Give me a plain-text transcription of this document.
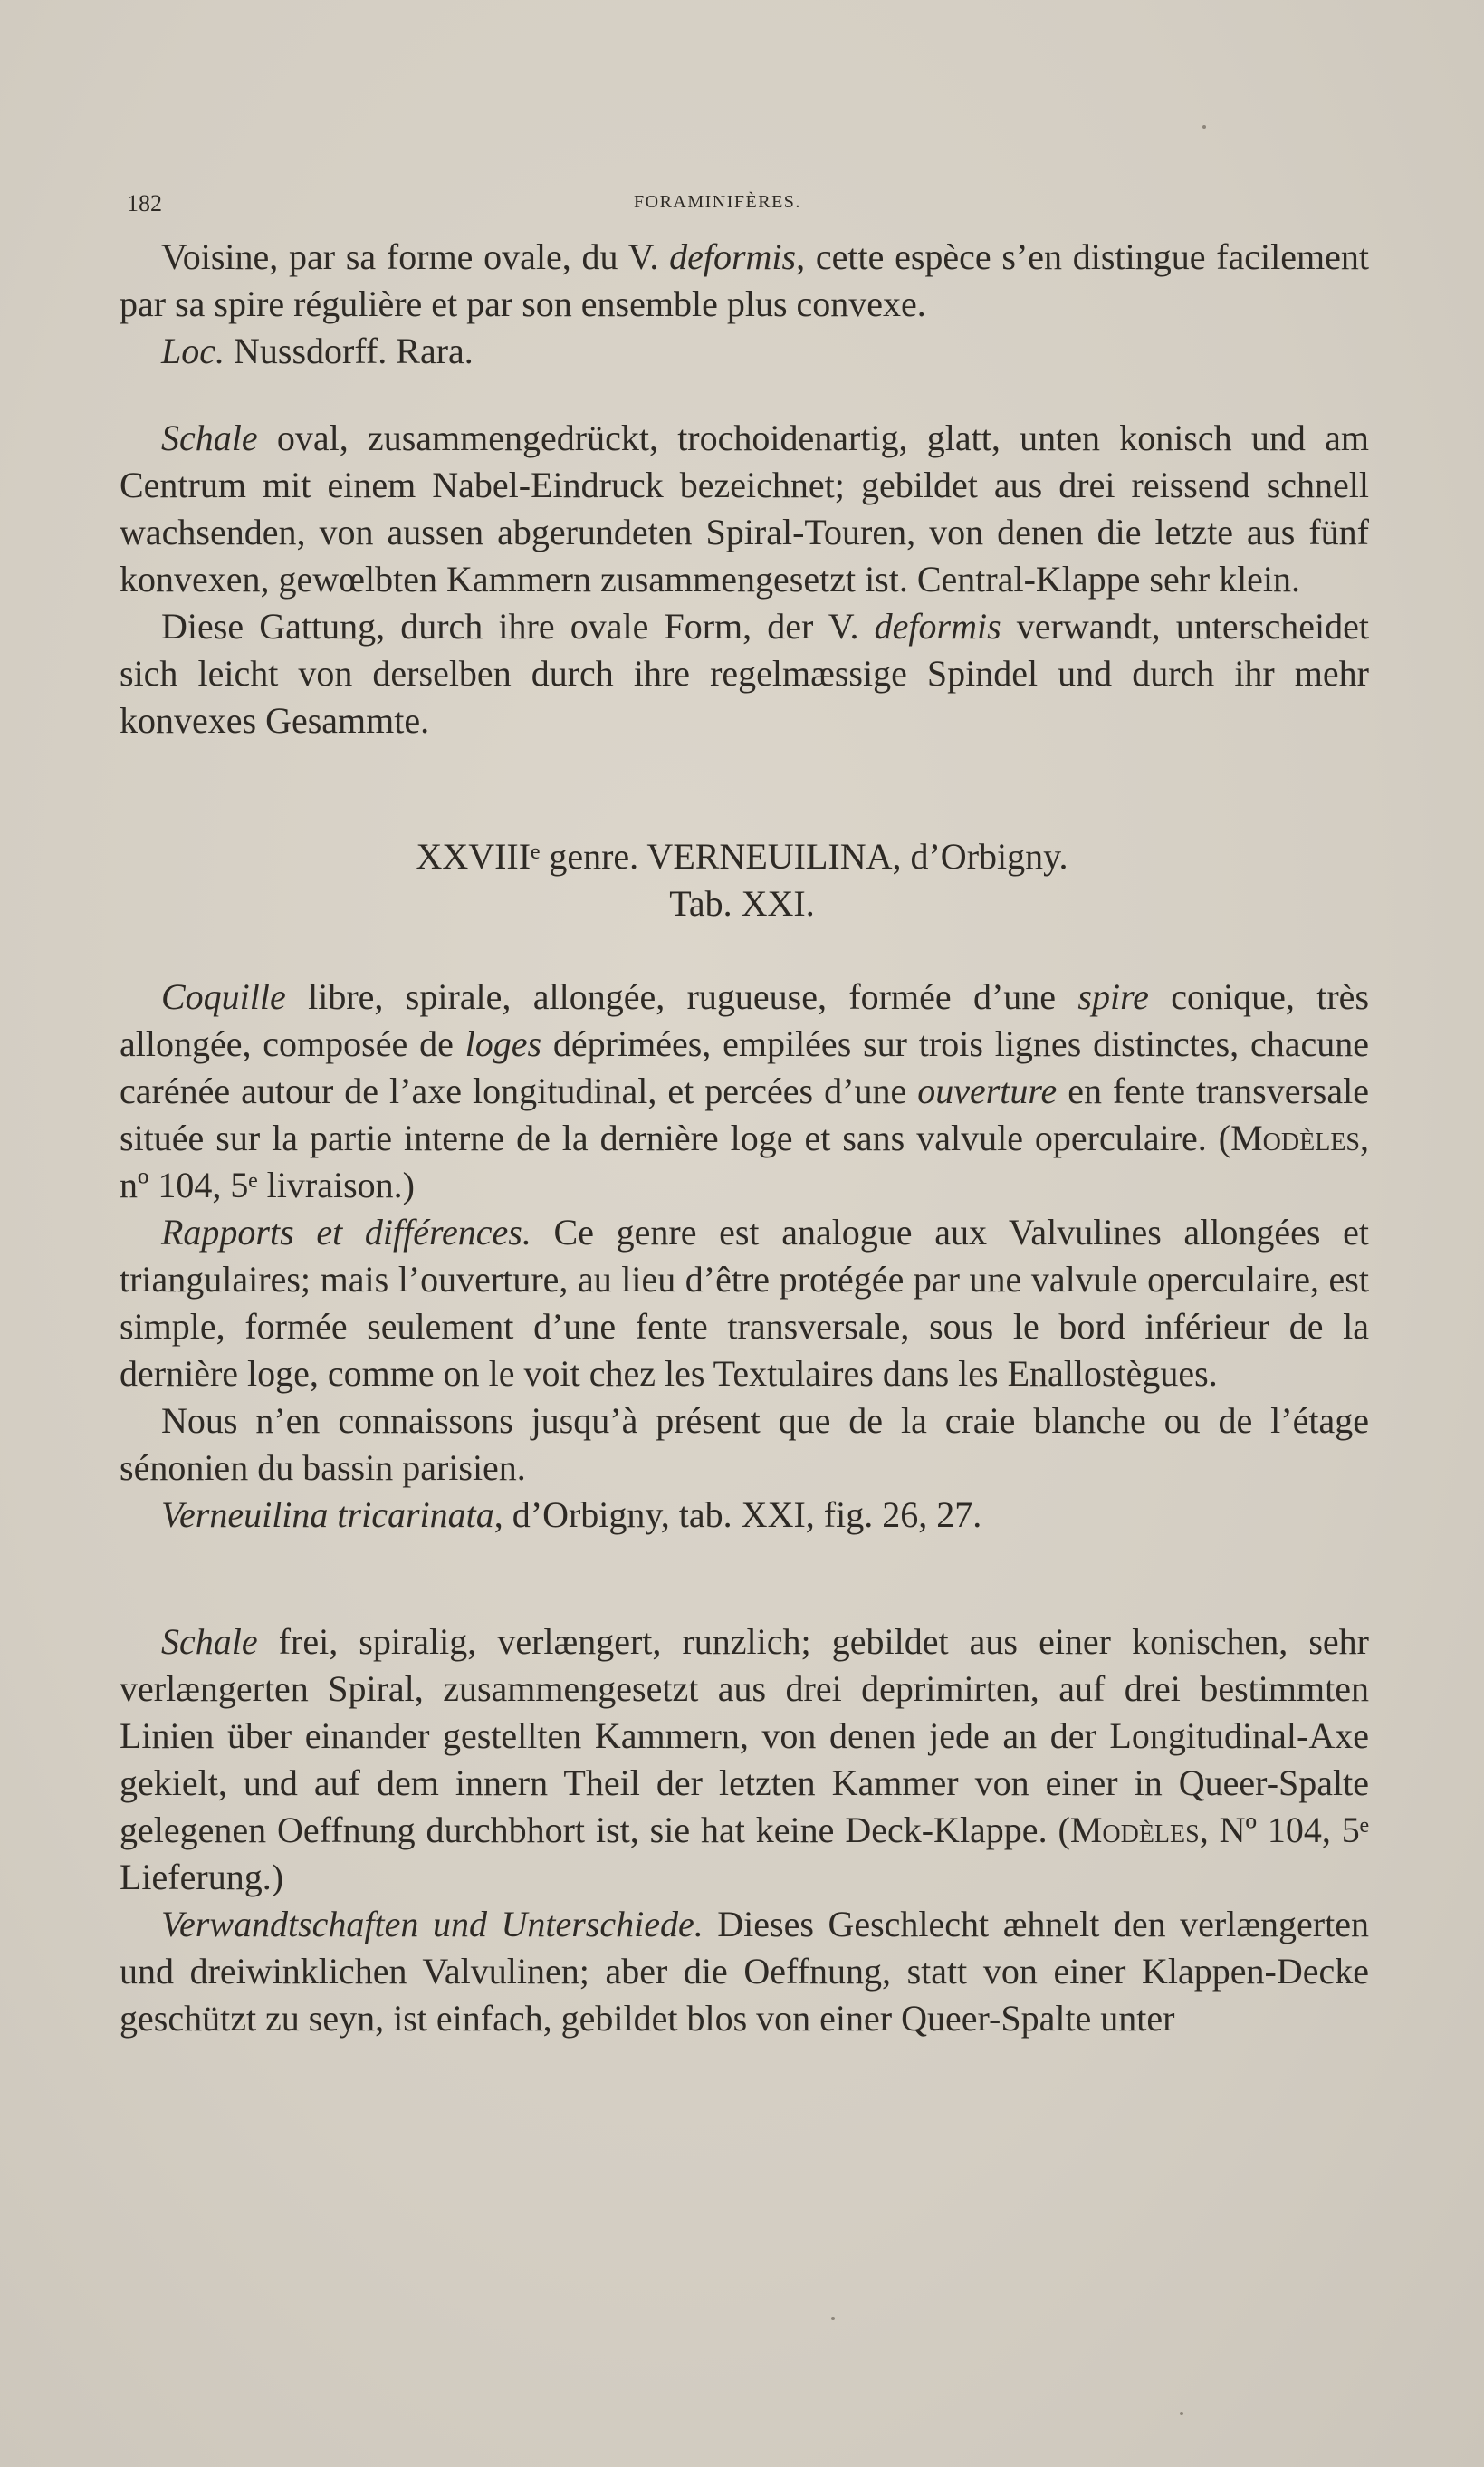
182	FORAMINIFÈRES.

Voisine, par sa forme ovale, du V. deformis, cette espèce s’en distingue facilement par sa spire régulière et par son ensemble plus convexe.

Loc. Nussdorff. Rara.

Schale oval, zusammengedrückt, trochoidenartig, glatt, unten konisch und am Centrum mit einem Nabel-Eindruck bezeichnet; gebildet aus drei reissend schnell wachsenden, von aussen abgerundeten Spiral-Touren, von denen die letzte aus fünf konvexen, gewœlbten Kammern zusammengesetzt ist. Central-Klappe sehr klein.

Diese Gattung, durch ihre ovale Form, der V. deformis verwandt, unterscheidet sich leicht von derselben durch ihre regelmæssige Spindel und durch ihr mehr konvexes Gesammte.

XXVIIIᵉ genre. VERNEUILINA, d’Orbigny.

Tab. XXI.

Coquille libre, spirale, allongée, rugueuse, formée d’une spire conique, très allongée, composée de loges déprimées, empilées sur trois lignes distinctes, chacune carénée autour de l’axe longitudinal, et percées d’une ouverture en fente transversale située sur la partie interne de la dernière loge et sans valvule operculaire. (Modèles, nº 104, 5ᵉ livraison.)

Rapports et différences. Ce genre est analogue aux Valvulines allongées et triangulaires; mais l’ouverture, au lieu d’être protégée par une valvule operculaire, est simple, formée seulement d’une fente transversale, sous le bord inférieur de la dernière loge, comme on le voit chez les Textulaires dans les Enallostègues.

Nous n’en connaissons jusqu’à présent que de la craie blanche ou de l’étage sénonien du bassin parisien.

Verneuilina tricarinata, d’Orbigny, tab. XXI, fig. 26, 27.

Schale frei, spiralig, verlængert, runzlich; gebildet aus einer konischen, sehr verlængerten Spiral, zusammengesetzt aus drei deprimirten, auf drei bestimmten Linien über einander gestellten Kammern, von denen jede an der Longitudinal-Axe gekielt, und auf dem innern Theil der letzten Kammer von einer in Queer-Spalte gelegenen Oeffnung durchbhort ist, sie hat keine Deck-Klappe. (Modèles, Nº 104, 5ᵉ Lieferung.)

Verwandtschaften und Unterschiede. Dieses Geschlecht æhnelt den verlængerten und dreiwinklichen Valvulinen; aber die Oeffnung, statt von einer Klappen-Decke geschützt zu seyn, ist einfach, gebildet blos von einer Queer-Spalte unter
